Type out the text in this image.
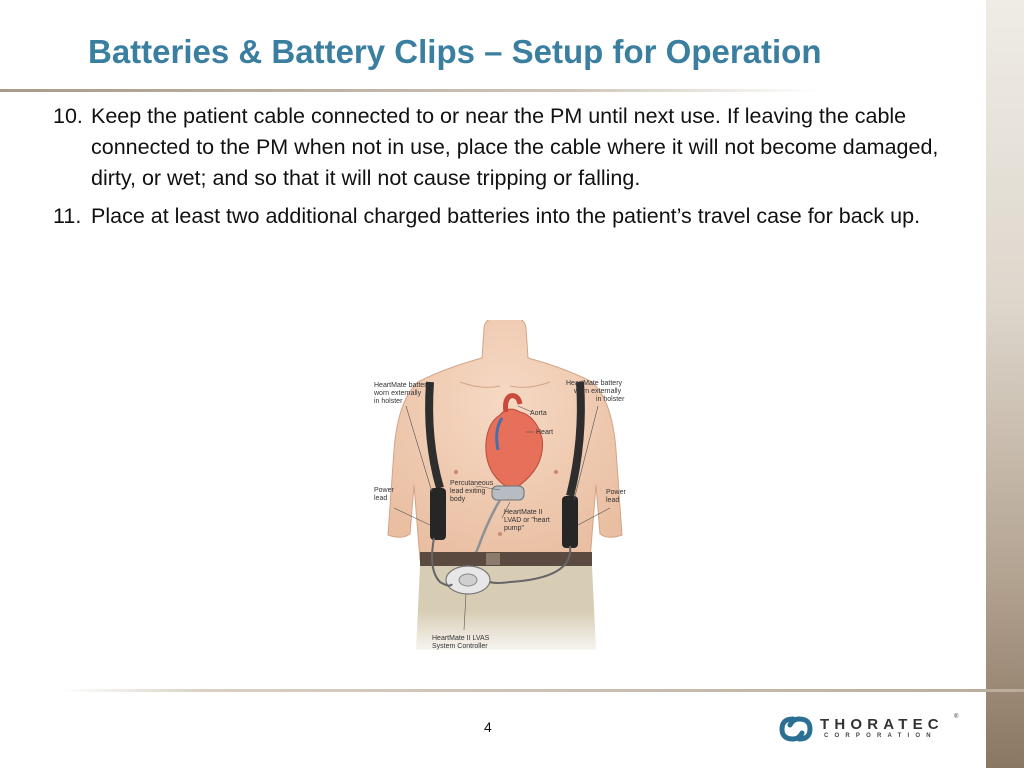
Batteries & Battery Clips – Setup for Operation
10. Keep the patient cable connected to or near the PM until next use. If leaving the cable connected to the PM when not in use, place the cable where it will not become damaged, dirty, or wet; and so that it will not cause tripping or falling.
11. Place at least two additional charged batteries into the patient’s travel case for back up.
HeartMate battery worn externally in holster
HeartMate battery worn externally in holster
Aorta
Heart
Percutaneous lead exiting body
Power lead
Power lead
HeartMate II LVAD or "heart pump"
HeartMate II LVAS System Controller
4	THORATEC ®
CORPORATION
